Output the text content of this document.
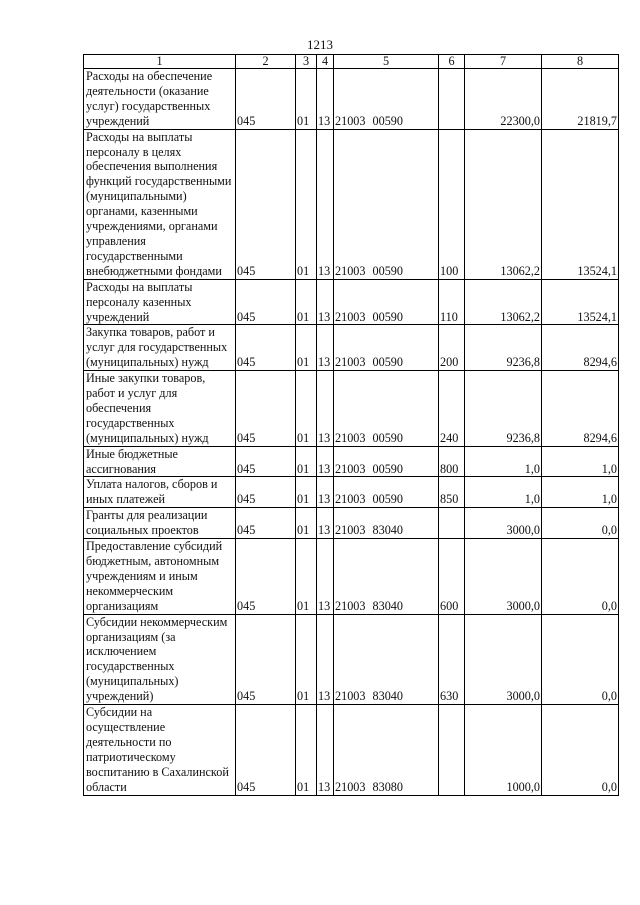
1213
1	2	3	4	5	6	7	8
Расходы на обеспечение деятельности (оказание услуг) государственных учреждений	045	01	13	21003 00590		22300,0	21819,7
Расходы на выплаты персоналу в целях обеспечения выполнения функций государственными (муниципальными) органами, казенными учреждениями, органами управления государственными внебюджетными фондами	045	01	13	21003 00590	100	13062,2	13524,1
Расходы на выплаты персоналу казенных учреждений	045	01	13	21003 00590	110	13062,2	13524,1
Закупка товаров, работ и услуг для государственных (муниципальных) нужд	045	01	13	21003 00590	200	9236,8	8294,6
Иные закупки товаров, работ и услуг для обеспечения государственных (муниципальных) нужд	045	01	13	21003 00590	240	9236,8	8294,6
Иные бюджетные ассигнования	045	01	13	21003 00590	800	1,0	1,0
Уплата налогов, сборов и иных платежей	045	01	13	21003 00590	850	1,0	1,0
Гранты для реализации социальных проектов	045	01	13	21003 83040		3000,0	0,0
Предоставление субсидий бюджетным, автономным учреждениям и иным некоммерческим организациям	045	01	13	21003 83040	600	3000,0	0,0
Субсидии некоммерческим организациям (за исключением государственных (муниципальных) учреждений)	045	01	13	21003 83040	630	3000,0	0,0
Субсидии на осуществление деятельности по патриотическому воспитанию в Сахалинской области	045	01	13	21003 83080		1000,0	0,0
